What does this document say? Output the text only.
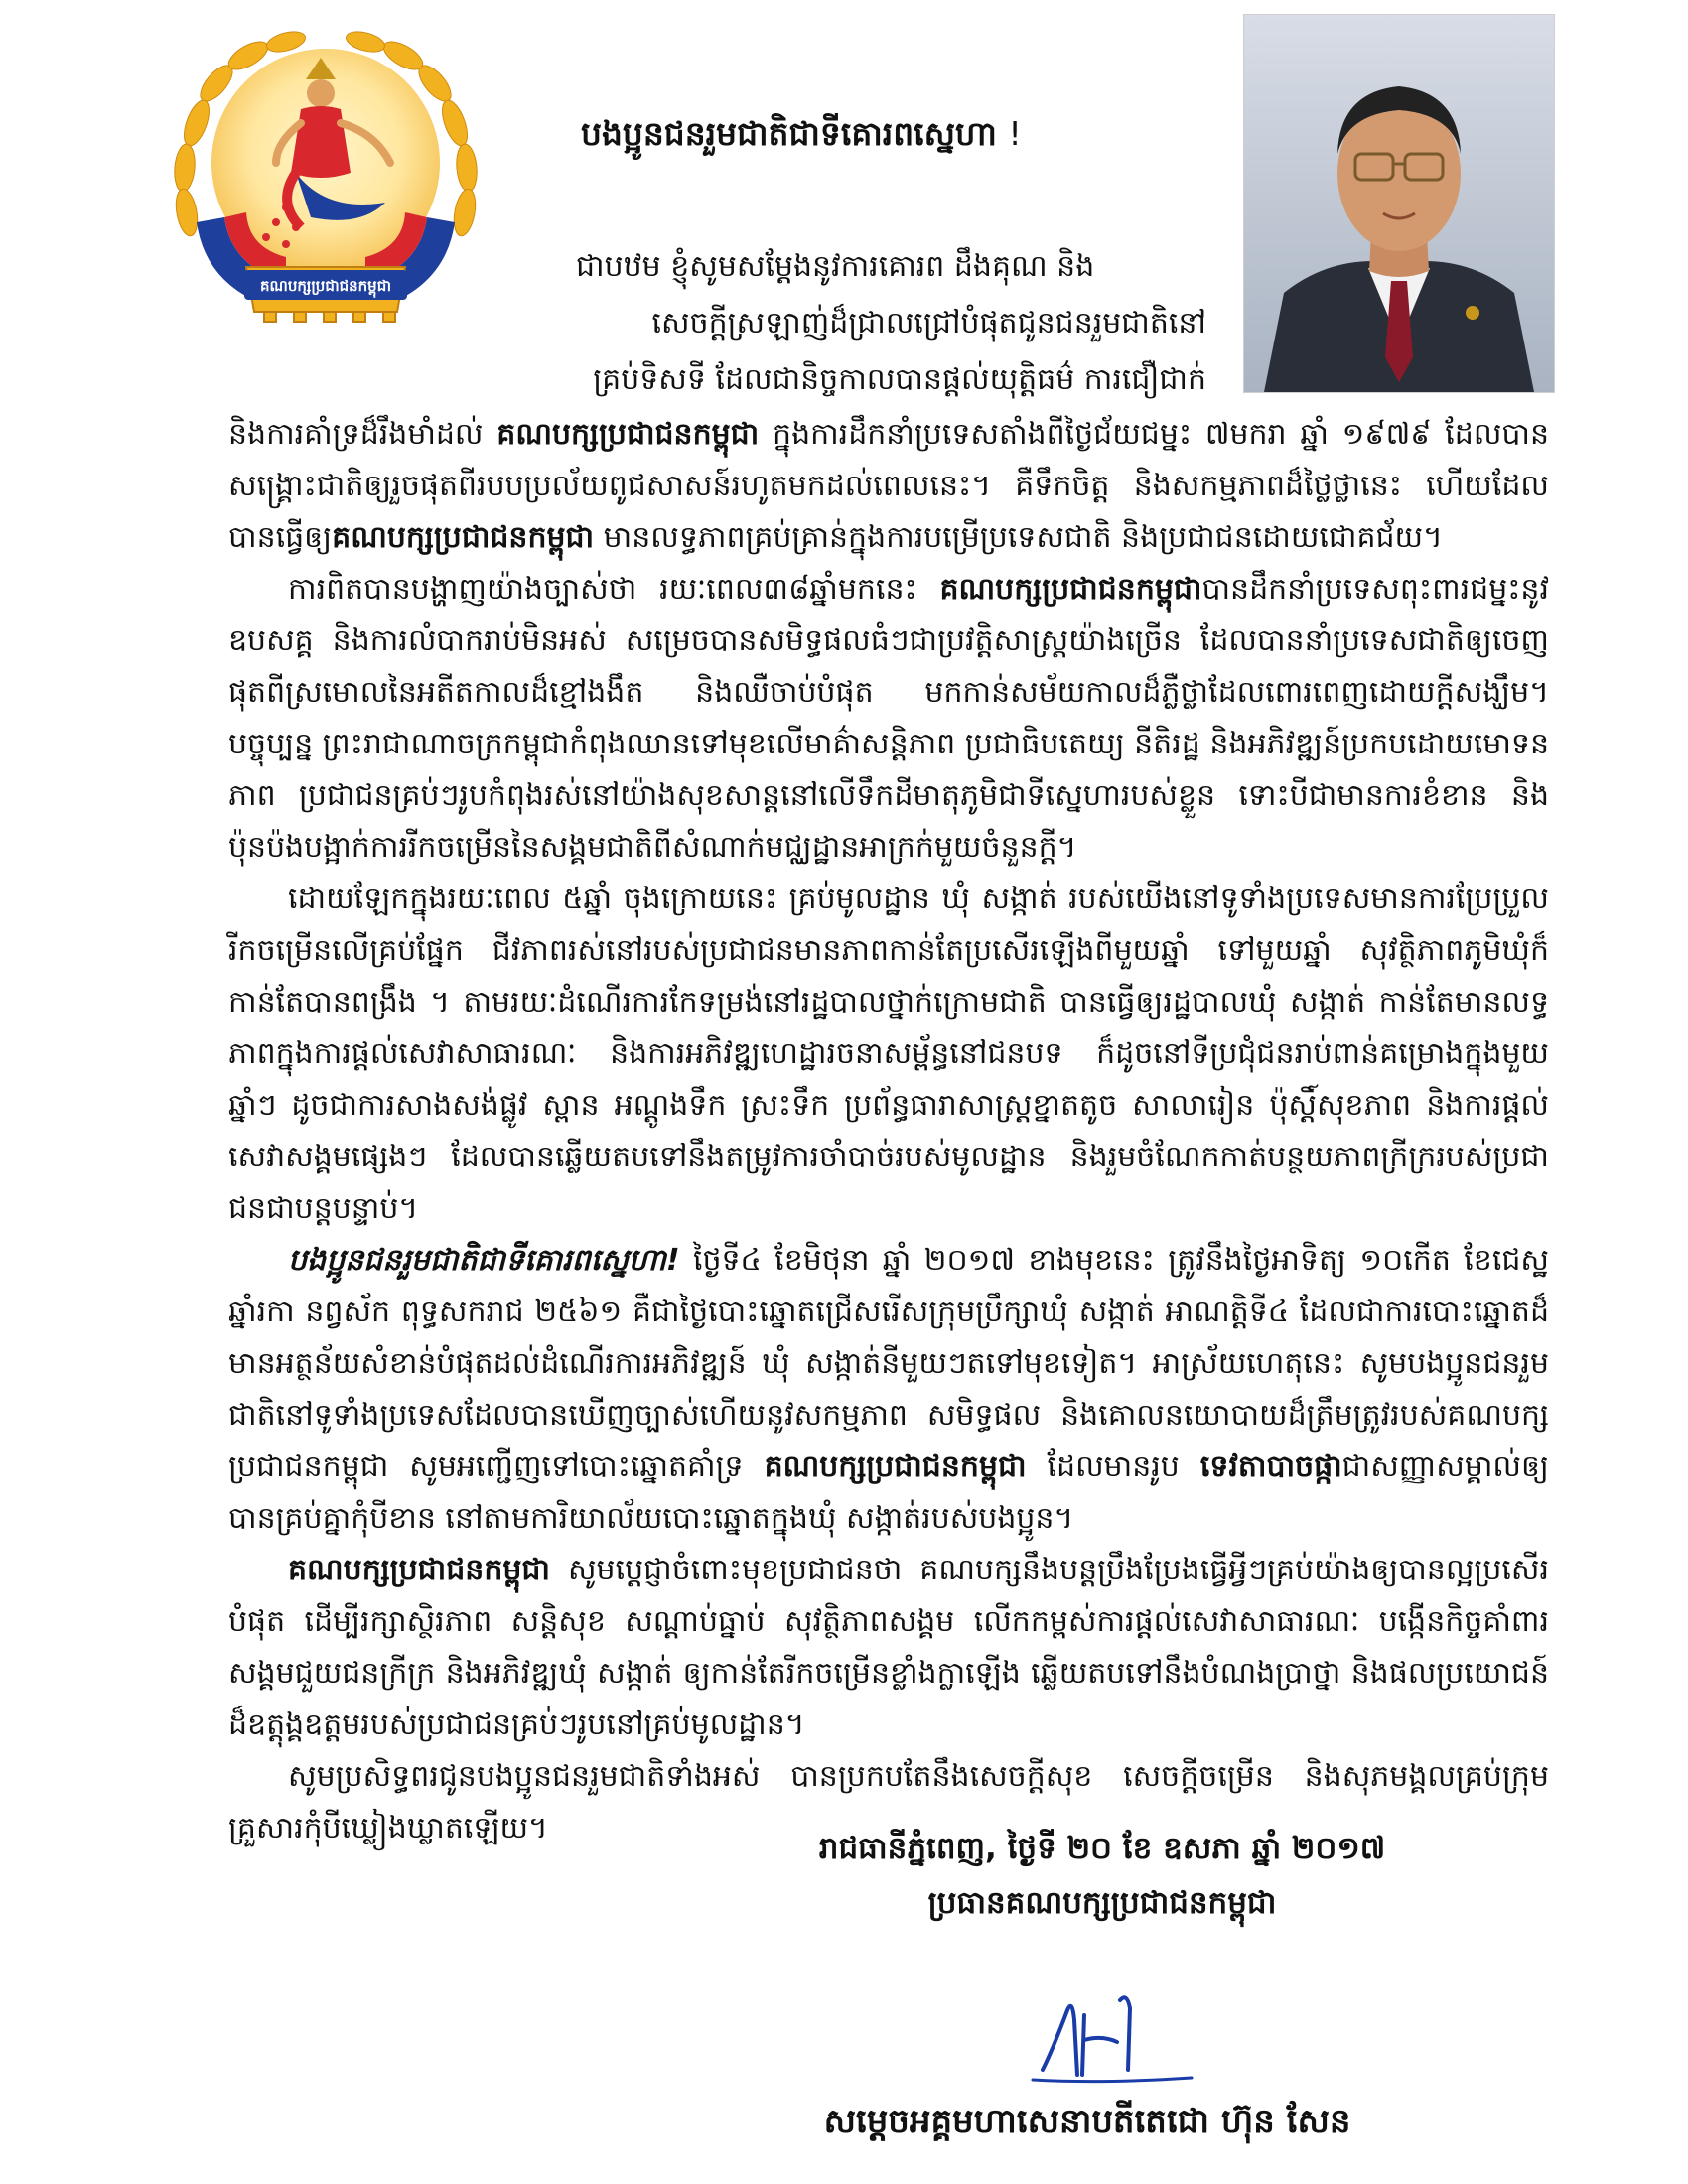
គណបក្សប្រជាជនកម្ពុជា
បងប្អូនជនរួមជាតិជាទីគោរពស្នេហា !
ជាបឋម ខ្ញុំសូមសម្តែងនូវការគោរព ដឹងគុណ និង
សេចក្តីស្រឡាញ់ដ៏ជ្រាលជ្រៅបំផុតជូនជនរួមជាតិនៅ
គ្រប់ទិសទី ដែលជានិច្ចកាលបានផ្តល់យុត្តិធម៌ ការជឿជាក់

និងការគាំទ្រដ៏រឹងមាំដល់ គណបក្សប្រជាជនកម្ពុជា ក្នុងការដឹកនាំប្រទេសតាំងពីថ្ងៃជ័យជម្នះ ៧មករា ឆ្នាំ ១៩៧៩ ដែលបានសង្គ្រោះជាតិឲ្យរួចផុតពីរបបប្រល័យពូជសាសន៍រហូតមកដល់ពេលនេះ។ គឺទឹកចិត្ត និងសកម្មភាពដ៏ថ្លៃថ្លានេះ ហើយដែលបានធ្វើឲ្យគណបក្សប្រជាជនកម្ពុជា មានលទ្ធភាពគ្រប់គ្រាន់ក្នុងការបម្រើប្រទេសជាតិ និងប្រជាជនដោយជោគជ័យ។

ការពិតបានបង្ហាញយ៉ាងច្បាស់ថា រយៈពេល៣៨ឆ្នាំមកនេះ គណបក្សប្រជាជនកម្ពុជាបានដឹកនាំប្រទេសពុះពារជម្នះនូវឧបសគ្គ និងការលំបាករាប់មិនអស់ សម្រេចបានសមិទ្ធផលធំៗជាប្រវត្តិសាស្ត្រយ៉ាងច្រើន ដែលបាននាំប្រទេសជាតិឲ្យចេញផុតពីស្រមោលនៃអតីតកាលដ៏ខ្មៅងងឹត និងឈឺចាប់បំផុត មកកាន់សម័យកាលដ៏ភ្លឺថ្លាដែលពោរពេញដោយក្តីសង្ឃឹម។ បច្ចុប្បន្ន ព្រះរាជាណាចក្រកម្ពុជាកំពុងឈានទៅមុខលើមាគ៌ាសន្តិភាព ប្រជាធិបតេយ្យ នីតិរដ្ឋ និងអភិវឌ្ឍន៍ប្រកបដោយមោទនភាព ប្រជាជនគ្រប់ៗរូបកំពុងរស់នៅយ៉ាងសុខសាន្តនៅលើទឹកដីមាតុភូមិជាទីស្នេហារបស់ខ្លួន ទោះបីជាមានការខំខាន និងប៉ុនប៉ងបង្អាក់ការរីកចម្រើននៃសង្គមជាតិពីសំណាក់មជ្ឈដ្ឋានអាក្រក់មួយចំនួនក្តី។

ដោយឡែកក្នុងរយៈពេល ៥ឆ្នាំ ចុងក្រោយនេះ គ្រប់មូលដ្ឋាន ឃុំ សង្កាត់ របស់យើងនៅទូទាំងប្រទេសមានការប្រែប្រួលរីកចម្រើនលើគ្រប់ផ្នែក ជីវភាពរស់នៅរបស់ប្រជាជនមានភាពកាន់តែប្រសើរឡើងពីមួយឆ្នាំ ទៅមួយឆ្នាំ សុវត្ថិភាពភូមិឃុំក៏កាន់តែបានពង្រឹង ។ តាមរយៈដំណើរការកែទម្រង់នៅរដ្ឋបាលថ្នាក់ក្រោមជាតិ បានធ្វើឲ្យរដ្ឋបាលឃុំ សង្កាត់ កាន់តែមានលទ្ធភាពក្នុងការផ្តល់សេវាសាធារណៈ និងការអភិវឌ្ឍហេដ្ឋារចនាសម្ព័ន្ធនៅជនបទ ក៏ដូចនៅទីប្រជុំជនរាប់ពាន់គម្រោងក្នុងមួយឆ្នាំៗ ដូចជាការសាងសង់ផ្លូវ ស្ពាន អណ្តូងទឹក ស្រះទឹក ប្រព័ន្ធធារាសាស្ត្រខ្នាតតូច សាលារៀន ប៉ុស្តិ៍សុខភាព និងការផ្តល់សេវាសង្គមផ្សេងៗ ដែលបានឆ្លើយតបទៅនឹងតម្រូវការចាំបាច់របស់មូលដ្ឋាន និងរួមចំណែកកាត់បន្ថយភាពក្រីក្ររបស់ប្រជាជនជាបន្តបន្ទាប់។

បងប្អូនជនរួមជាតិជាទីគោរពស្នេហា! ថ្ងៃទី៤ ខែមិថុនា ឆ្នាំ ២០១៧ ខាងមុខនេះ ត្រូវនឹងថ្ងៃអាទិត្យ ១០កើត ខែជេស្ឋ ឆ្នាំរកា នព្វស័ក ពុទ្ធសករាជ ២៥៦១ គឺជាថ្ងៃបោះឆ្នោតជ្រើសរើសក្រុមប្រឹក្សាឃុំ សង្កាត់ អាណត្តិទី៤ ដែលជាការបោះឆ្នោតដ៏មានអត្ថន័យសំខាន់បំផុតដល់ដំណើរការអភិវឌ្ឍន៍ ឃុំ សង្កាត់នីមួយៗតទៅមុខទៀត។ អាស្រ័យហេតុនេះ សូមបងប្អូនជនរួមជាតិនៅទូទាំងប្រទេសដែលបានឃើញច្បាស់ហើយនូវសកម្មភាព សមិទ្ធផល និងគោលនយោបាយដ៏ត្រឹមត្រូវរបស់គណបក្សប្រជាជនកម្ពុជា សូមអញ្ជើញទៅបោះឆ្នោតគាំទ្រ គណបក្សប្រជាជនកម្ពុជា ដែលមានរូប ទេវតាបាចផ្កាជាសញ្ញាសម្គាល់ឲ្យបានគ្រប់គ្នាកុំបីខាន នៅតាមការិយាល័យបោះឆ្នោតក្នុងឃុំ សង្កាត់របស់បងប្អូន។

គណបក្សប្រជាជនកម្ពុជា សូមប្តេជ្ញាចំពោះមុខប្រជាជនថា គណបក្សនឹងបន្តប្រឹងប្រែងធ្វើអ្វីៗគ្រប់យ៉ាងឲ្យបានល្អប្រសើរបំផុត ដើម្បីរក្សាស្ថិរភាព សន្តិសុខ សណ្តាប់ធ្នាប់ សុវត្ថិភាពសង្គម លើកកម្ពស់ការផ្តល់សេវាសាធារណៈ បង្កើនកិច្ចគាំពារសង្គមជួយជនក្រីក្រ និងអភិវឌ្ឍឃុំ សង្កាត់ ឲ្យកាន់តែរីកចម្រើនខ្លាំងក្លាឡើង ឆ្លើយតបទៅនឹងបំណងប្រាថ្នា និងផលប្រយោជន៍ដ៏ឧត្តុង្គឧត្តមរបស់ប្រជាជនគ្រប់ៗរូបនៅគ្រប់មូលដ្ឋាន។

សូមប្រសិទ្ធពរជូនបងប្អូនជនរួមជាតិទាំងអស់ បានប្រកបតែនឹងសេចក្តីសុខ សេចក្តីចម្រើន និងសុភមង្គលគ្រប់ក្រុមគ្រួសារកុំបីឃ្លៀងឃ្លាតឡើយ។

រាជធានីភ្នំពេញ, ថ្ងៃទី ២០ ខែ ឧសភា ឆ្នាំ ២០១៧
ប្រធានគណបក្សប្រជាជនកម្ពុជា
សម្តេចអគ្គមហាសេនាបតីតេជោ ហ៊ុន សែន
